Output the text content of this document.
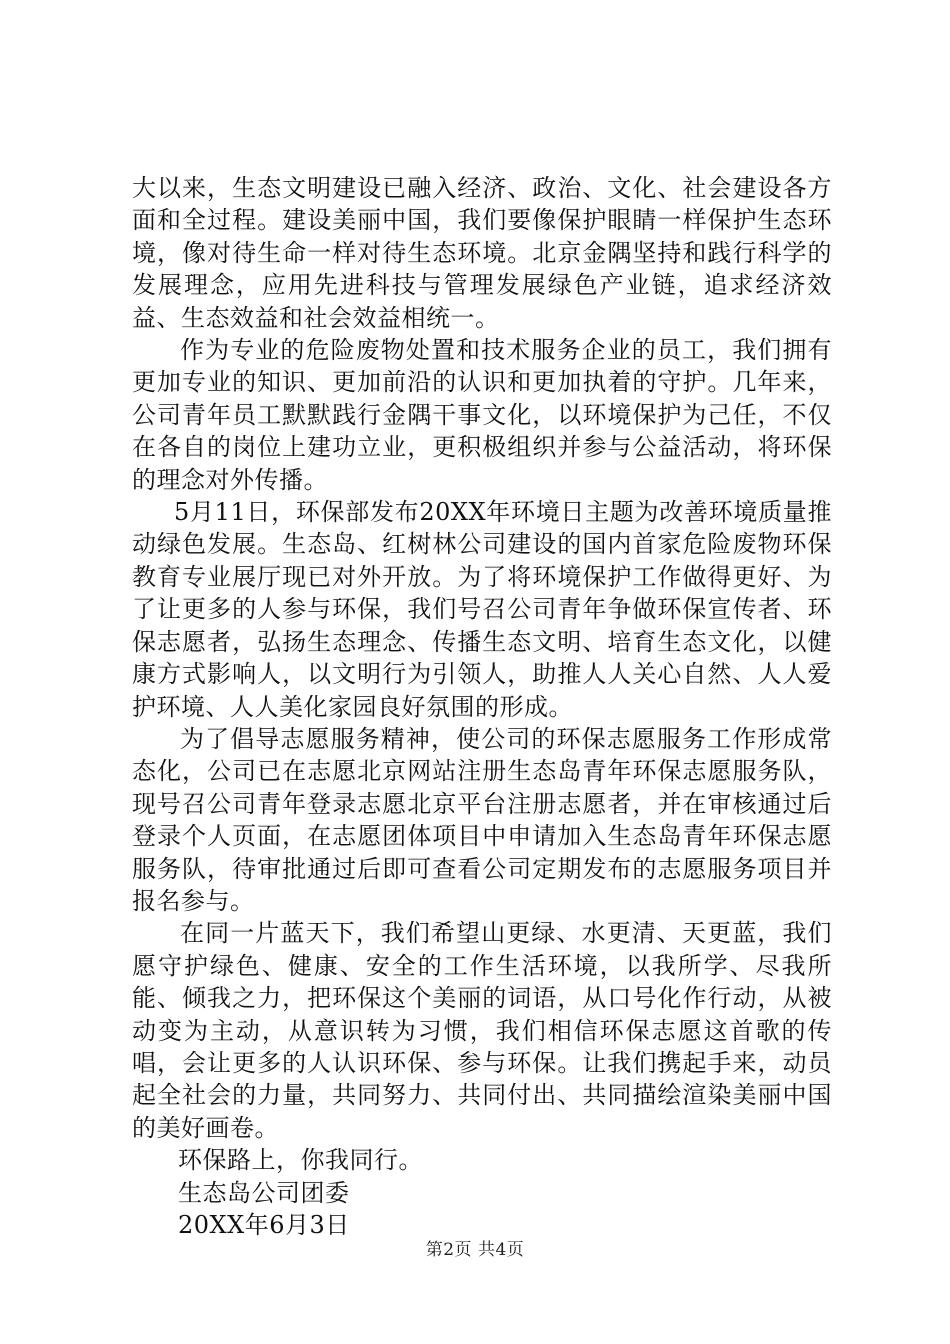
大以来，生态文明建设已融入经济、政治、文化、社会建设各方面和全过程。建设美丽中国，我们要像保护眼睛一样保护生态环境，像对待生命一样对待生态环境。北京金隅坚持和践行科学的发展理念，应用先进科技与管理发展绿色产业链，追求经济效益、生态效益和社会效益相统一。

作为专业的危险废物处置和技术服务企业的员工，我们拥有更加专业的知识、更加前沿的认识和更加执着的守护。几年来，公司青年员工默默践行金隅干事文化，以环境保护为己任，不仅在各自的岗位上建功立业，更积极组织并参与公益活动，将环保的理念对外传播。

5月11日，环保部发布20XX年环境日主题为改善环境质量推动绿色发展。生态岛、红树林公司建设的国内首家危险废物环保教育专业展厅现已对外开放。为了将环境保护工作做得更好、为了让更多的人参与环保，我们号召公司青年争做环保宣传者、环保志愿者，弘扬生态理念、传播生态文明、培育生态文化，以健康方式影响人，以文明行为引领人，助推人人关心自然、人人爱护环境、人人美化家园良好氛围的形成。

为了倡导志愿服务精神，使公司的环保志愿服务工作形成常态化，公司已在志愿北京网站注册生态岛青年环保志愿服务队，现号召公司青年登录志愿北京平台注册志愿者，并在审核通过后登录个人页面，在志愿团体项目中申请加入生态岛青年环保志愿服务队，待审批通过后即可查看公司定期发布的志愿服务项目并报名参与。

在同一片蓝天下，我们希望山更绿、水更清、天更蓝，我们愿守护绿色、健康、安全的工作生活环境，以我所学、尽我所能、倾我之力，把环保这个美丽的词语，从口号化作行动，从被动变为主动，从意识转为习惯，我们相信环保志愿这首歌的传唱，会让更多的人认识环保、参与环保。让我们携起手来，动员起全社会的力量，共同努力、共同付出、共同描绘渲染美丽中国的美好画卷。

环保路上，你我同行。

生态岛公司团委

20XX年6月3日

第2页 共4页
